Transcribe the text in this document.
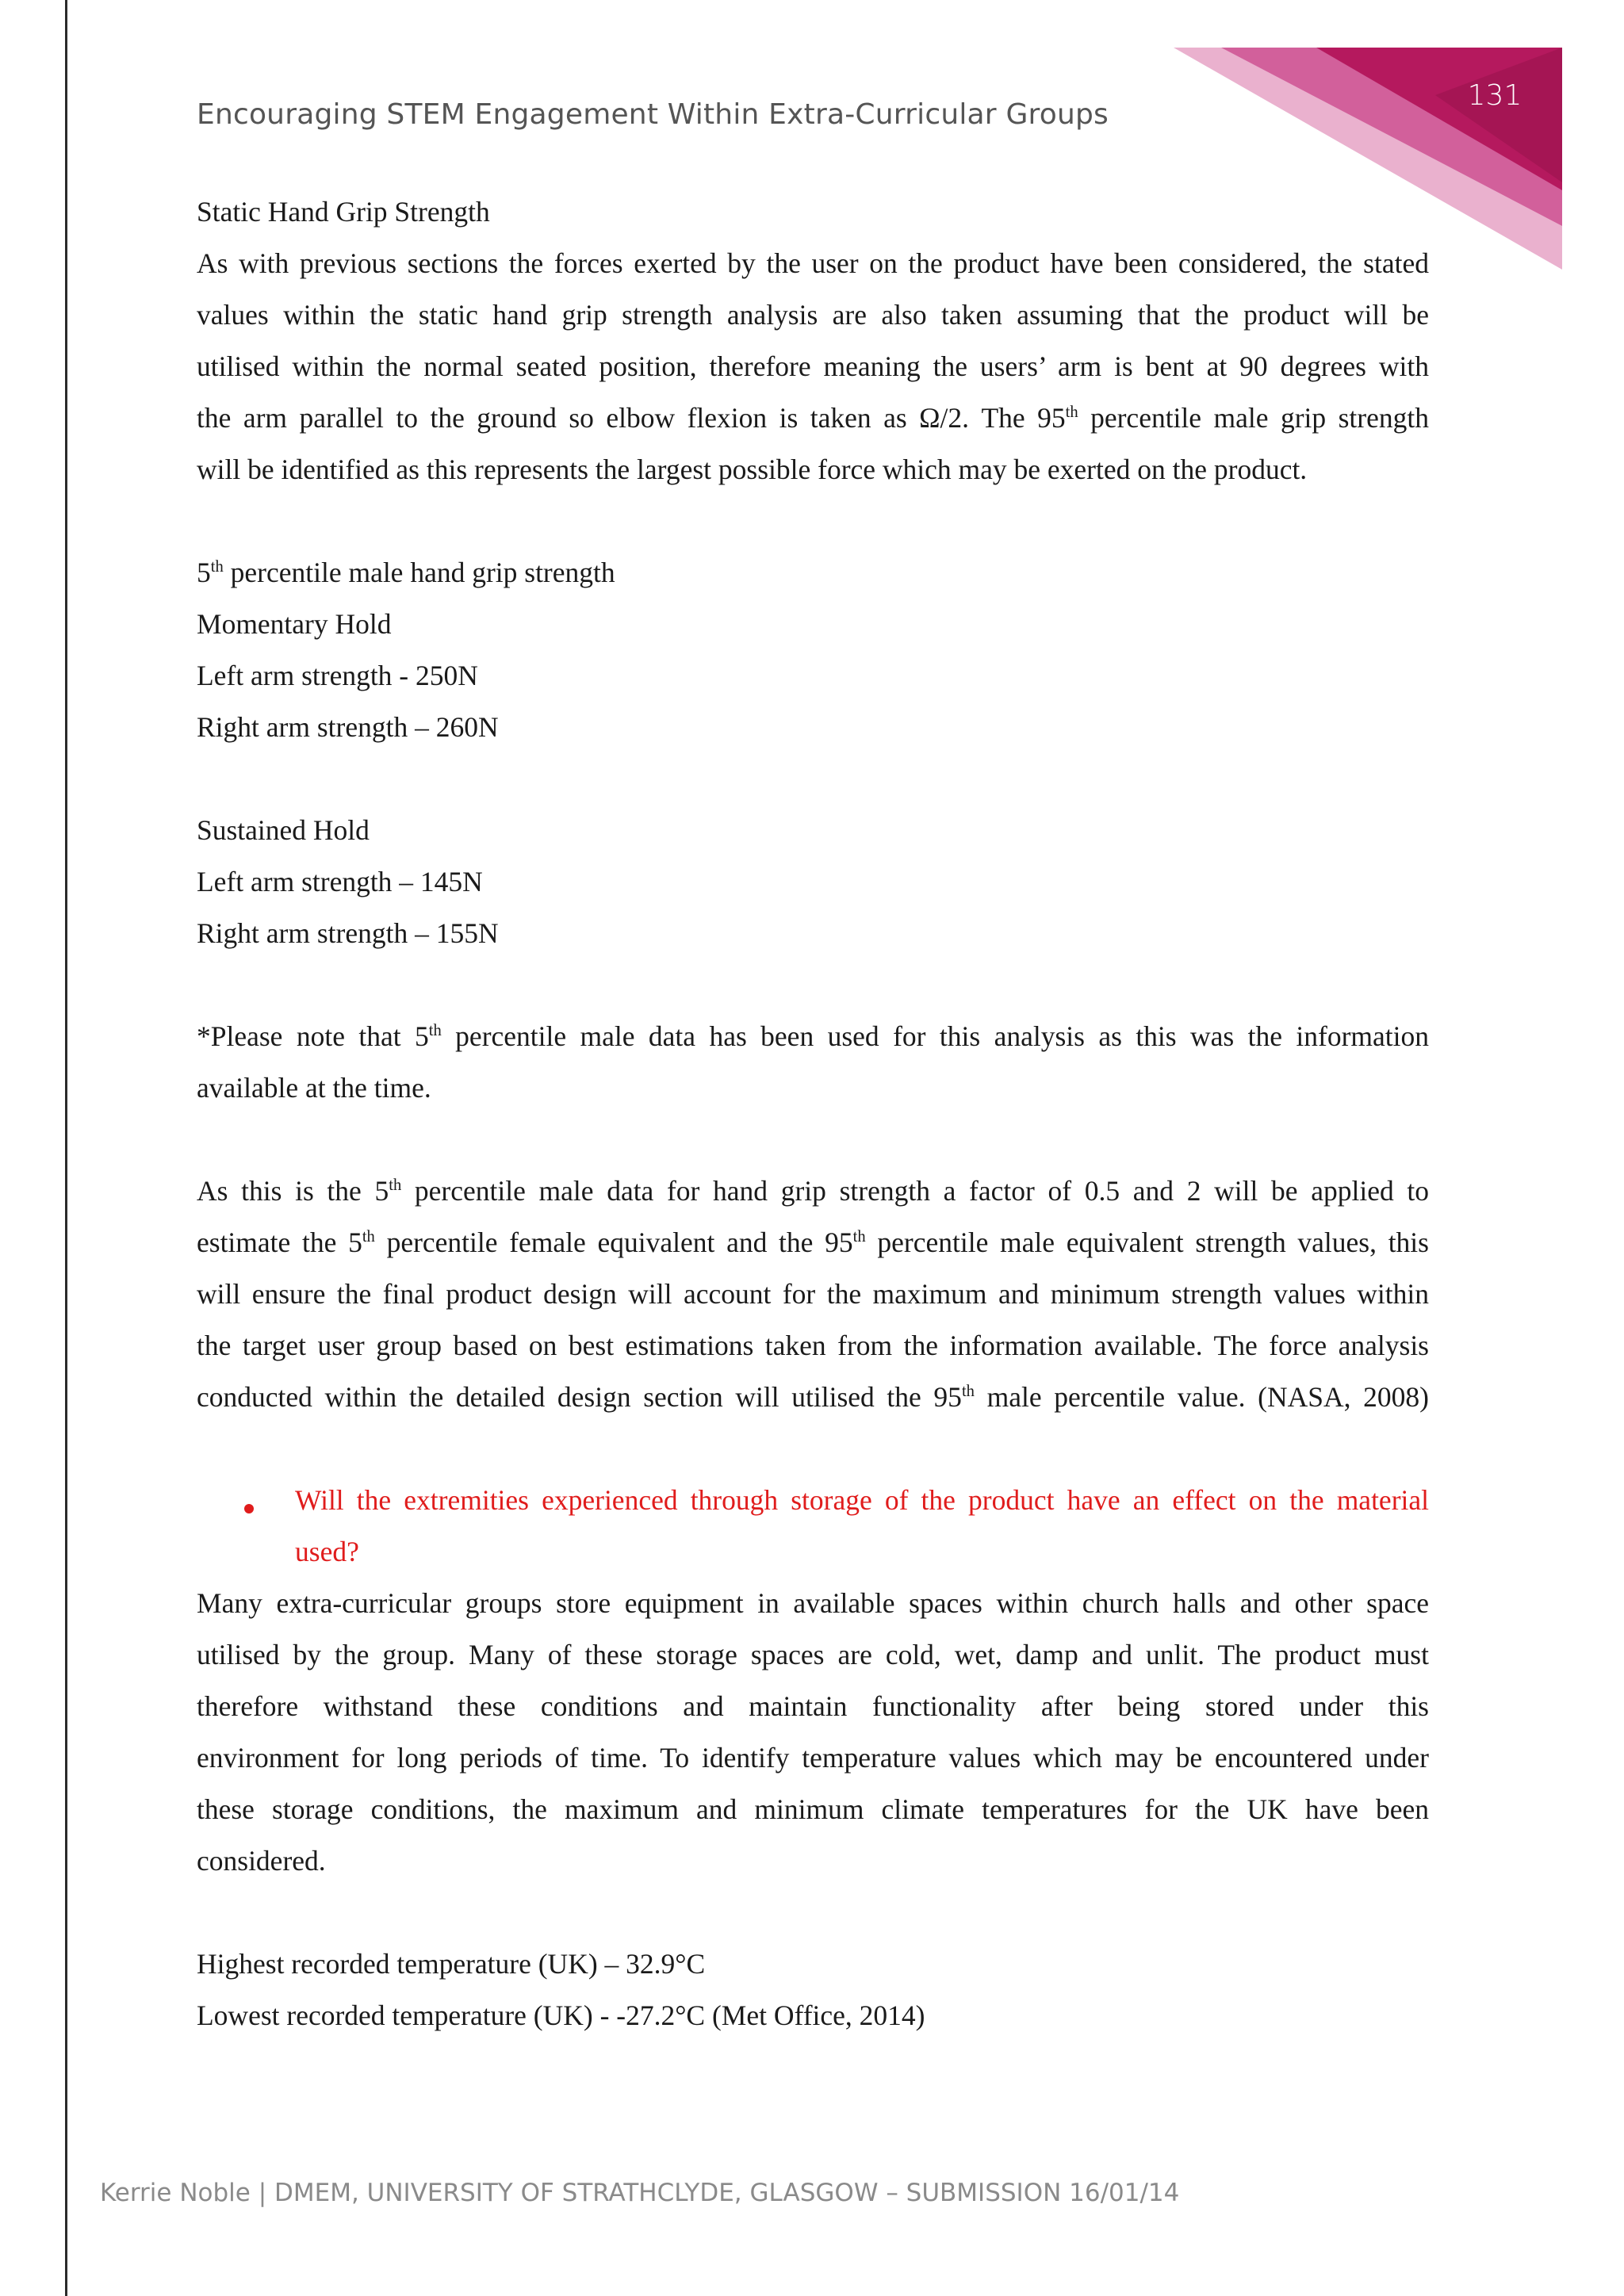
131
Encouraging STEM Engagement Within Extra-Curricular Groups
Static Hand Grip Strength
As with previous sections the forces exerted by the user on the product have been considered, the stated
values within the static hand grip strength analysis are also taken assuming that the product will be
utilised within the normal seated position, therefore meaning the users’ arm is bent at 90 degrees with
the arm parallel to the ground so elbow flexion is taken as Ω/2. The 95th percentile male grip strength
will be identified as this represents the largest possible force which may be exerted on the product.
5th percentile male hand grip strength
Momentary Hold
Left arm strength - 250N
Right arm strength – 260N
Sustained Hold
Left arm strength – 145N
Right arm strength – 155N
*Please note that 5th percentile male data has been used for this analysis as this was the information
available at the time.
As this is the 5th percentile male data for hand grip strength a factor of 0.5 and 2 will be applied to
estimate the 5th percentile female equivalent and the 95th percentile male equivalent strength values, this
will ensure the final product design will account for the maximum and minimum strength values within
the target user group based on best estimations taken from the information available. The force analysis
conducted within the detailed design section will utilised the 95th male percentile value. (NASA, 2008)
Will the extremities experienced through storage of the product have an effect on the material
used?
Many extra-curricular groups store equipment in available spaces within church halls and other space
utilised by the group. Many of these storage spaces are cold, wet, damp and unlit. The product must
therefore withstand these conditions and maintain functionality after being stored under this
environment for long periods of time. To identify temperature values which may be encountered under
these storage conditions, the maximum and minimum climate temperatures for the UK have been
considered.
Highest recorded temperature (UK) – 32.9°C
Lowest recorded temperature (UK) - -27.2°C (Met Office, 2014)
Kerrie Noble | DMEM, UNIVERSITY OF STRATHCLYDE, GLASGOW – SUBMISSION 16/01/14
